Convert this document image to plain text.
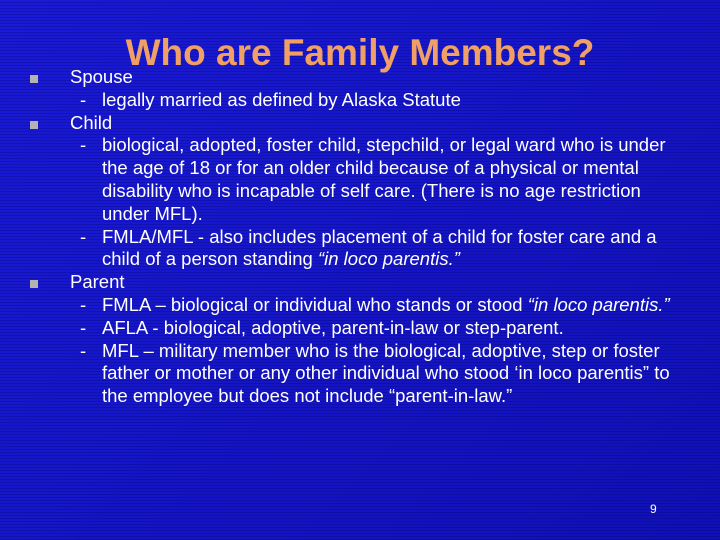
Who are Family Members?
Spouse
- legally married as defined by Alaska Statute
Child
- biological, adopted, foster child, stepchild, or legal ward who is under the age of 18 or for an older child because of a physical or mental disability who is incapable of self care. (There is no age restriction under MFL).
- FMLA/MFL - also includes placement of a child for foster care and a child of a person standing “in loco parentis.”
Parent
- FMLA – biological or individual who stands or stood “in loco parentis.”
- AFLA - biological, adoptive, parent-in-law or step-parent.
- MFL – military member who is the biological, adoptive, step or foster father or mother or any other individual who stood ‘in loco parentis” to the employee but does not include “parent-in-law.”
9
